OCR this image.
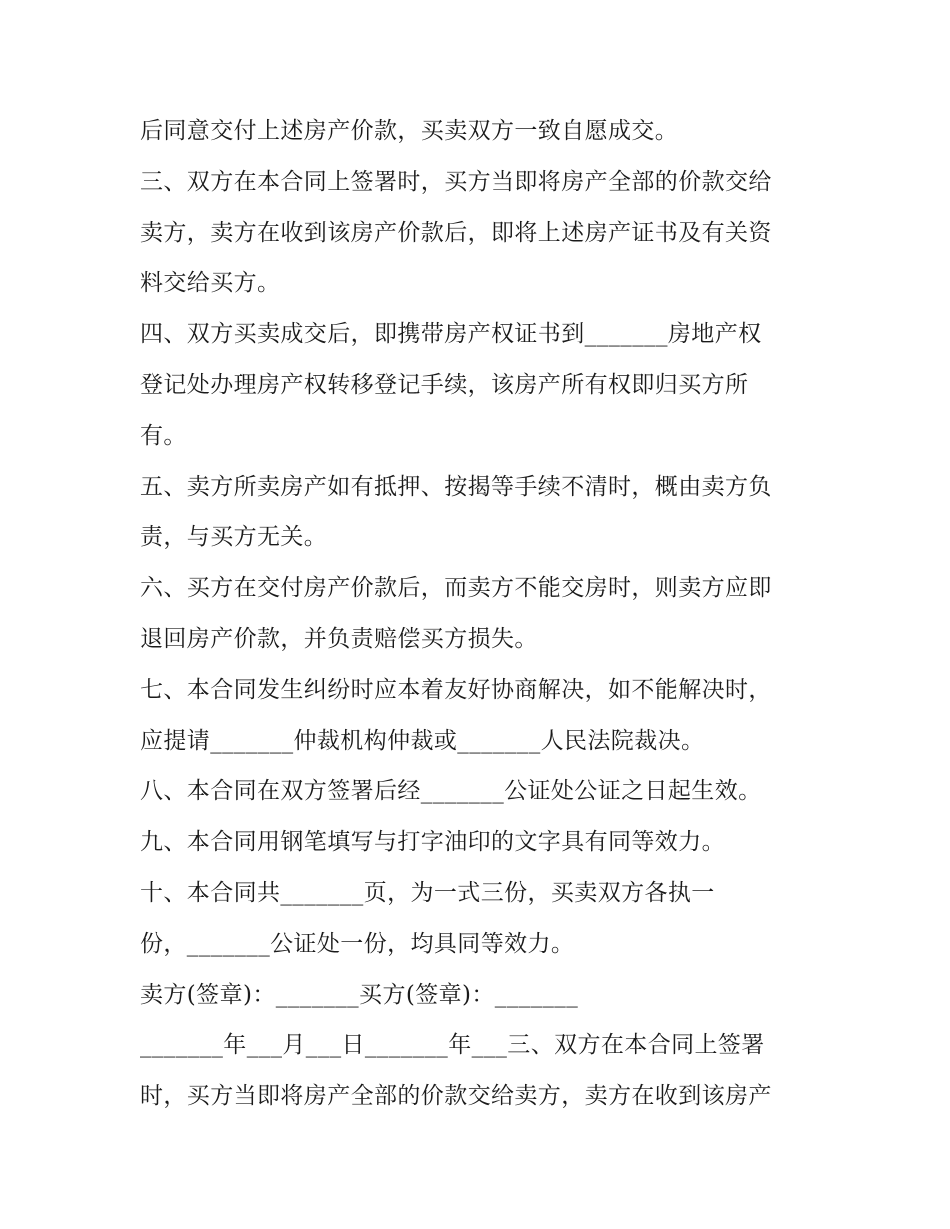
后同意交付上述房产价款，买卖双方一致自愿成交。
三、双方在本合同上签署时，买方当即将房产全部的价款交给
卖方，卖方在收到该房产价款后，即将上述房产证书及有关资
料交给买方。
四、双方买卖成交后，即携带房产权证书到_______房地产权
登记处办理房产权转移登记手续，该房产所有权即归买方所
有。
五、卖方所卖房产如有抵押、按揭等手续不清时，概由卖方负
责，与买方无关。
六、买方在交付房产价款后，而卖方不能交房时，则卖方应即
退回房产价款，并负责赔偿买方损失。
七、本合同发生纠纷时应本着友好协商解决，如不能解决时，
应提请_______仲裁机构仲裁或_______人民法院裁决。
八、本合同在双方签署后经_______公证处公证之日起生效。
九、本合同用钢笔填写与打字油印的文字具有同等效力。
十、本合同共_______页，为一式三份，买卖双方各执一
份，_______公证处一份，均具同等效力。
卖方(签章)：_______买方(签章)：_______
_______年___月___日_______年___三、双方在本合同上签署
时，买方当即将房产全部的价款交给卖方，卖方在收到该房产
